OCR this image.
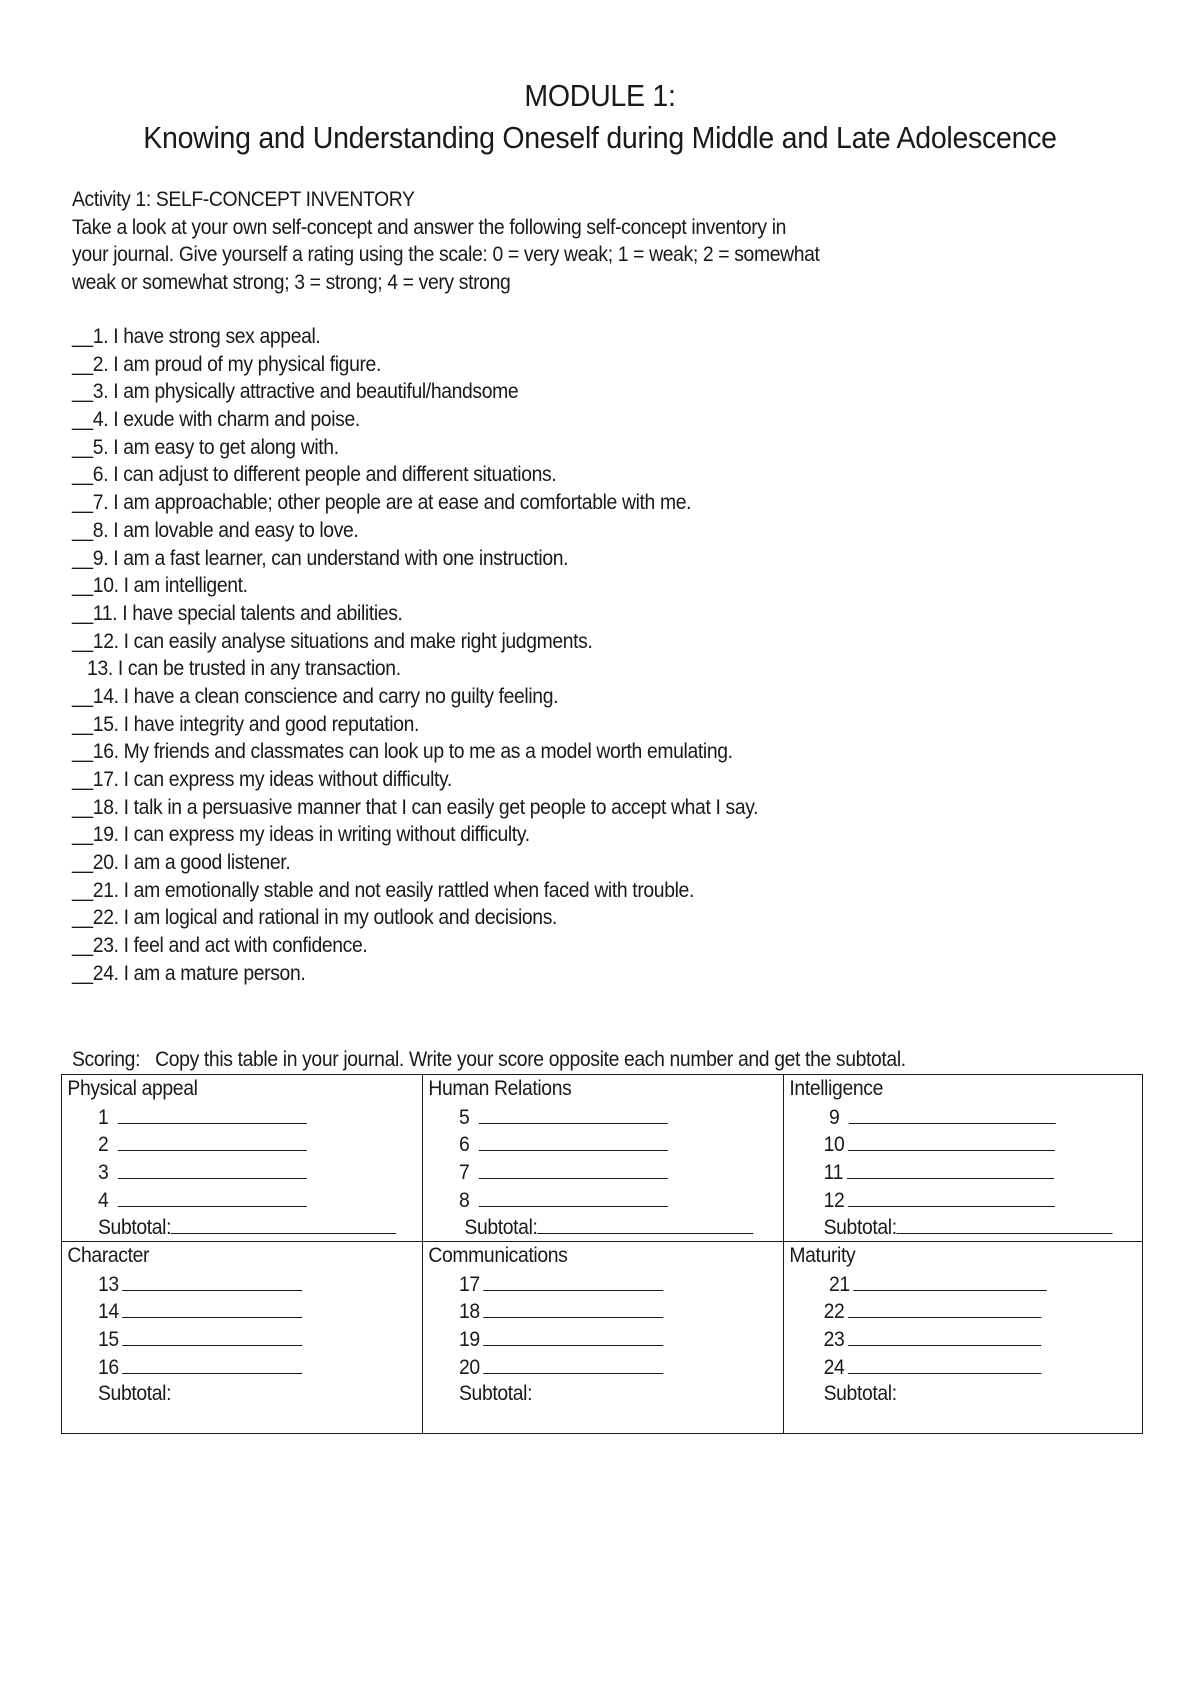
MODULE 1:
Knowing and Understanding Oneself during Middle and Late Adolescence
Activity 1: SELF-CONCEPT INVENTORY
Take a look at your own self-concept and answer the following self-concept inventory in
your journal. Give yourself a rating using the scale: 0 = very weak; 1 = weak; 2 = somewhat
weak or somewhat strong; 3 = strong; 4 = very strong
__1. I have strong sex appeal.
__2. I am proud of my physical figure.
__3. I am physically attractive and beautiful/handsome
__4. I exude with charm and poise.
__5. I am easy to get along with.
__6. I can adjust to different people and different situations.
__7. I am approachable; other people are at ease and comfortable with me.
__8. I am lovable and easy to love.
__9. I am a fast learner, can understand with one instruction.
__10. I am intelligent.
__11. I have special talents and abilities.
__12. I can easily analyse situations and make right judgments.
13. I can be trusted in any transaction.
__14. I have a clean conscience and carry no guilty feeling.
__15. I have integrity and good reputation.
__16. My friends and classmates can look up to me as a model worth emulating.
__17. I can express my ideas without difficulty.
__18. I talk in a persuasive manner that I can easily get people to accept what I say.
__19. I can express my ideas in writing without difficulty.
__20. I am a good listener.
__21. I am emotionally stable and not easily rattled when faced with trouble.
__22. I am logical and rational in my outlook and decisions.
__23. I feel and act with confidence.
__24. I am a mature person.
Scoring:   Copy this table in your journal. Write your score opposite each number and get the subtotal.
Physical appeal
1
2
3
4
Subtotal:
Human Relations
5
6
7
8
Subtotal:
Intelligence
9
10
11
12
Subtotal:
Character
13
14
15
16
Subtotal:
Communications
17
18
19
20
Subtotal:
Maturity
21
22
23
24
Subtotal:
